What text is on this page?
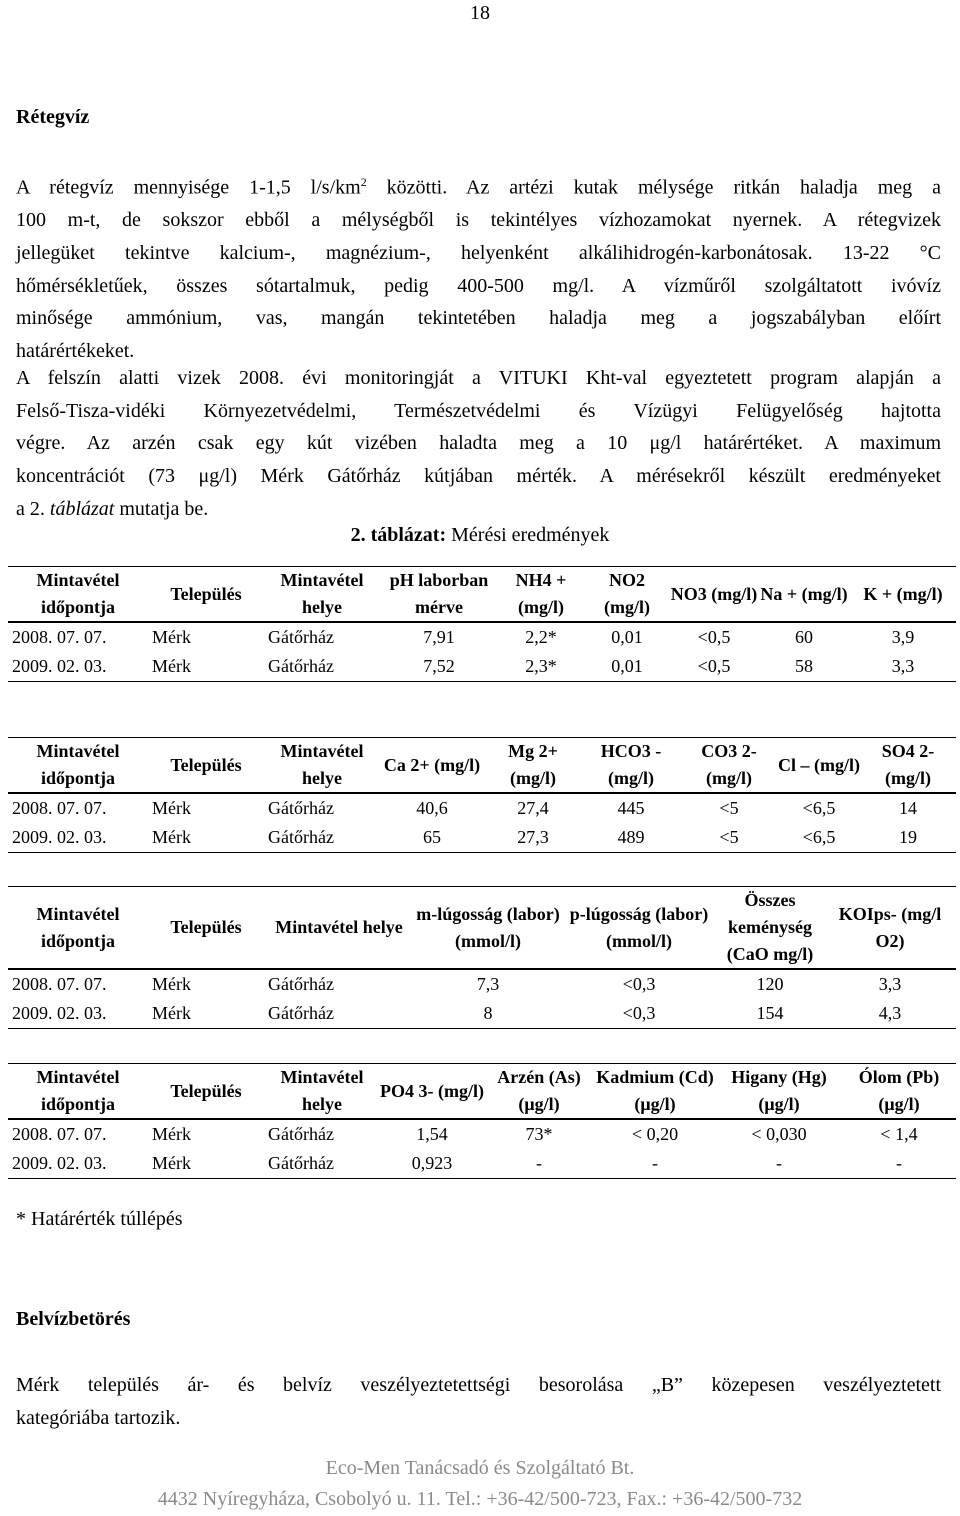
18
Rétegvíz
A rétegvíz mennyisége 1-1,5 $l/s/km^2$ közötti. Az artézi kutak mélysége ritkán haladja meg a
100 m-t, de sokszor ebből a mélységből is tekintélyes vízhozamokat nyernek. A rétegvizek
jellegüket tekintve kalcium-, magnézium-, helyenként alkálihidrogén-karbonátosak. 13-22 °C
hőmérsékletűek, összes sótartalmuk, pedig 400-500 mg/l. A vízműről szolgáltatott ivóvíz
minősége ammónium, vas, mangán tekintetében haladja meg a jogszabályban előírt
határértékeket.
A felszín alatti vizek 2008. évi monitoringját a VITUKI Kht-val egyeztetett program alapján a
Felső-Tisza-vidéki Környezetvédelmi, Természetvédelmi és Vízügyi Felügyelőség hajtotta
végre. Az arzén csak egy kút vizében haladta meg a 10 μg/l határértéket. A maximum
koncentrációt (73 μg/l) Mérk Gátőrház kútjában mérték. A mérésekről készült eredményeket
a 2. táblázat mutatja be.
2. táblázat: Mérési eredmények
Mintavétel időpontja	Település	Mintavétel helye	pH laborban mérve	NH4 + (mg/l)	NO2 (mg/l)	NO3 (mg/l)	Na + (mg/l)	K + (mg/l)
2008. 07. 07.	Mérk	Gátőrház	7,91	2,2*	0,01	<0,5	60	3,9
2009. 02. 03.	Mérk	Gátőrház	7,52	2,3*	0,01	<0,5	58	3,3
Mintavétel időpontja	Település	Mintavétel helye	Ca 2+ (mg/l)	Mg 2+ (mg/l)	HCO3 - (mg/l)	CO3 2- (mg/l)	Cl – (mg/l)	SO4 2- (mg/l)
2008. 07. 07.	Mérk	Gátőrház	40,6	27,4	445	<5	<6,5	14
2009. 02. 03.	Mérk	Gátőrház	65	27,3	489	<5	<6,5	19
Mintavétel időpontja	Település	Mintavétel helye	m-lúgosság (labor) (mmol/l)	p-lúgosság (labor) (mmol/l)	Összes keménység (CaO mg/l)	KOIps- (mg/l O2)
2008. 07. 07.	Mérk	Gátőrház	7,3	<0,3	120	3,3
2009. 02. 03.	Mérk	Gátőrház	8	<0,3	154	4,3
Mintavétel időpontja	Település	Mintavétel helye	PO4 3- (mg/l)	Arzén (As) (μg/l)	Kadmium (Cd) (μg/l)	Higany (Hg) (μg/l)	Ólom (Pb) (μg/l)
2008. 07. 07.	Mérk	Gátőrház	1,54	73*	< 0,20	< 0,030	< 1,4
2009. 02. 03.	Mérk	Gátőrház	0,923	-	-	-	-
* Határérték túllépés
Belvízbetörés
Mérk település ár- és belvíz veszélyeztetettségi besorolása „B” közepesen veszélyeztetett
kategóriába tartozik.
Eco-Men Tanácsadó és Szolgáltató Bt.
4432 Nyíregyháza, Csobolyó u. 11. Tel.: +36-42/500-723, Fax.: +36-42/500-732
